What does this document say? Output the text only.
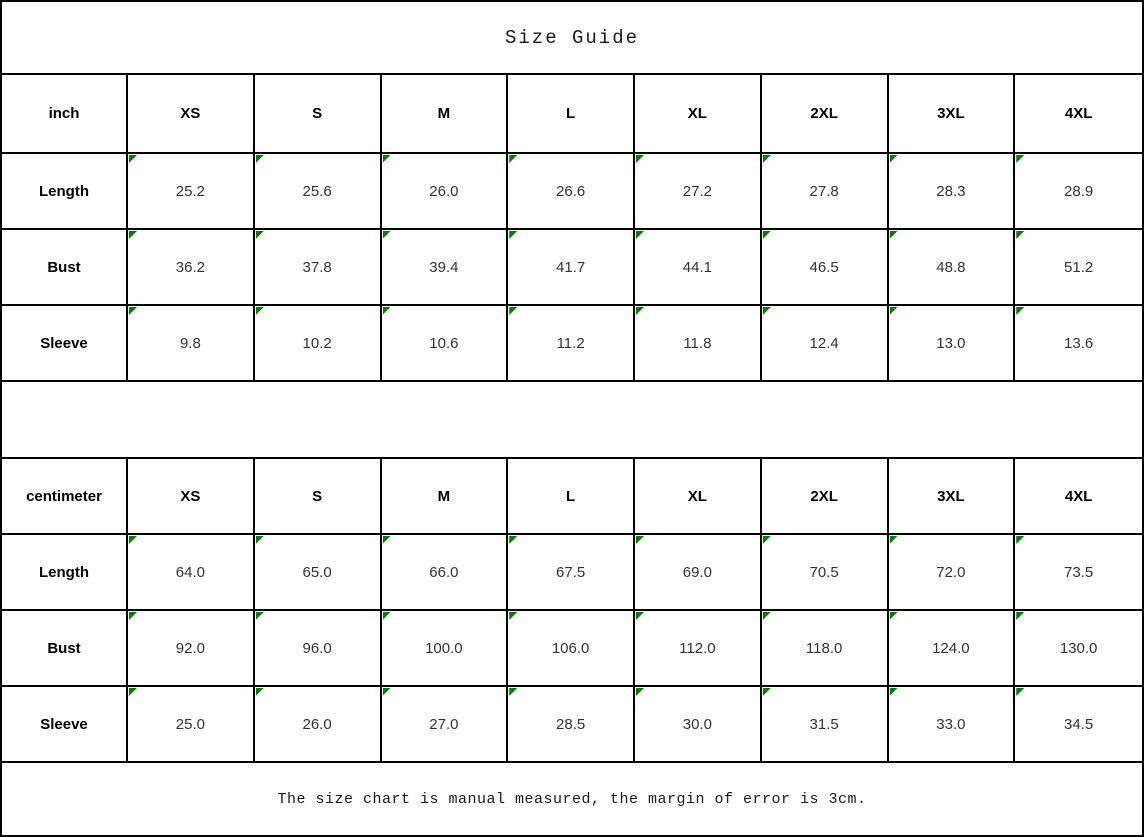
Size Guide
inch	XS	S	M	L	XL	2XL	3XL	4XL
Length	25.2	25.6	26.0	26.6	27.2	27.8	28.3	28.9
Bust	36.2	37.8	39.4	41.7	44.1	46.5	48.8	51.2
Sleeve	9.8	10.2	10.6	11.2	11.8	12.4	13.0	13.6
centimeter	XS	S	M	L	XL	2XL	3XL	4XL
Length	64.0	65.0	66.0	67.5	69.0	70.5	72.0	73.5
Bust	92.0	96.0	100.0	106.0	112.0	118.0	124.0	130.0
Sleeve	25.0	26.0	27.0	28.5	30.0	31.5	33.0	34.5
The size chart is manual measured, the margin of error is 3cm.
